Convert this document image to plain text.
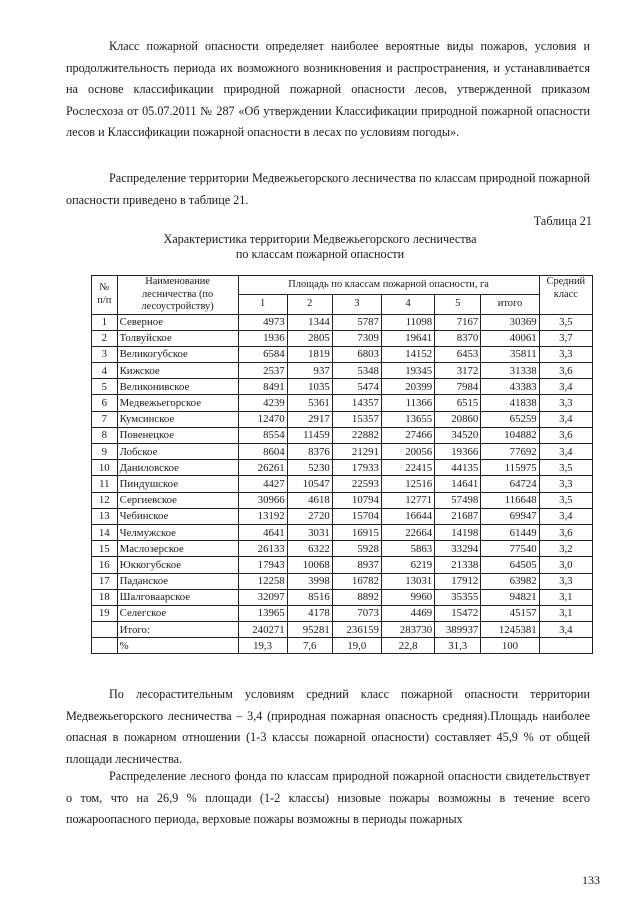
Класс пожарной опасности определяет наиболее вероятные виды пожаров, условия и продолжительность периода их возможного возникновения и распространения, и устанавливается на основе классификации природной пожарной опасности лесов, утвержденной приказом Рослесхоза от 05.07.2011 № 287 «Об утверждении Классификации природной пожарной опасности лесов и Классификации пожарной опасности в лесах по условиям погоды».

Распределение территории Медвежьегорского лесничества по классам природной пожарной опасности приведено в таблице 21.

Таблица 21
Характеристика территории Медвежьегорского лесничества
по классам пожарной опасности
№ п/п	Наименование лесничества (по лесоустройству)	Площадь по классам пожарной опасности, га						Средний класс
		1	2	3	4	5	итого	
1	Северное	4973	1344	5787	11098	7167	30369	3,5
2	Толвуйское	1936	2805	7309	19641	8370	40061	3,7
3	Великогубское	6584	1819	6803	14152	6453	35811	3,3
4	Кижское	2537	937	5348	19345	3172	31338	3,6
5	Великонивское	8491	1035	5474	20399	7984	43383	3,4
6	Медвежьегорское	4239	5361	14357	11366	6515	41838	3,3
7	Кумсинское	12470	2917	15357	13655	20860	65259	3,4
8	Повенецкое	8554	11459	22882	27466	34520	104882	3,6
9	Лобское	8604	8376	21291	20056	19366	77692	3,4
10	Даниловское	26261	5230	17933	22415	44135	115975	3,5
11	Пиндушское	4427	10547	22593	12516	14641	64724	3,3
12	Сергиевское	30966	4618	10794	12771	57498	116648	3,5
13	Чебинское	13192	2720	15704	16644	21687	69947	3,4
14	Челмужское	4641	3031	16915	22664	14198	61449	3,6
15	Маслозерское	26133	6322	5928	5863	33294	77540	3,2
16	Юккогубское	17943	10068	8937	6219	21338	64505	3,0
17	Паданское	12258	3998	16782	13031	17912	63982	3,3
18	Шалговаарское	32097	8516	8892	9960	35355	94821	3,1
19	Селегское	13965	4178	7073	4469	15472	45157	3,1
	Итого:	240271	95281	236159	283730	389937	1245381	3,4
	%	19,3	7,6	19,0	22,8	31,3	100	

По лесорастительным условиям средний класс пожарной опасности территории Медвежьегорского лесничества – 3,4 (природная пожарная опасность средняя).Площадь наиболее опасная в пожарном отношении (1-3 классы пожарной опасности) составляет 45,9 % от общей площади лесничества.

Распределение лесного фонда по классам природной пожарной опасности свидетельствует о том, что на 26,9 % площади (1-2 классы) низовые пожары возможны в течение всего пожароопасного периода, верховые пожары возможны в периоды пожарных

133
